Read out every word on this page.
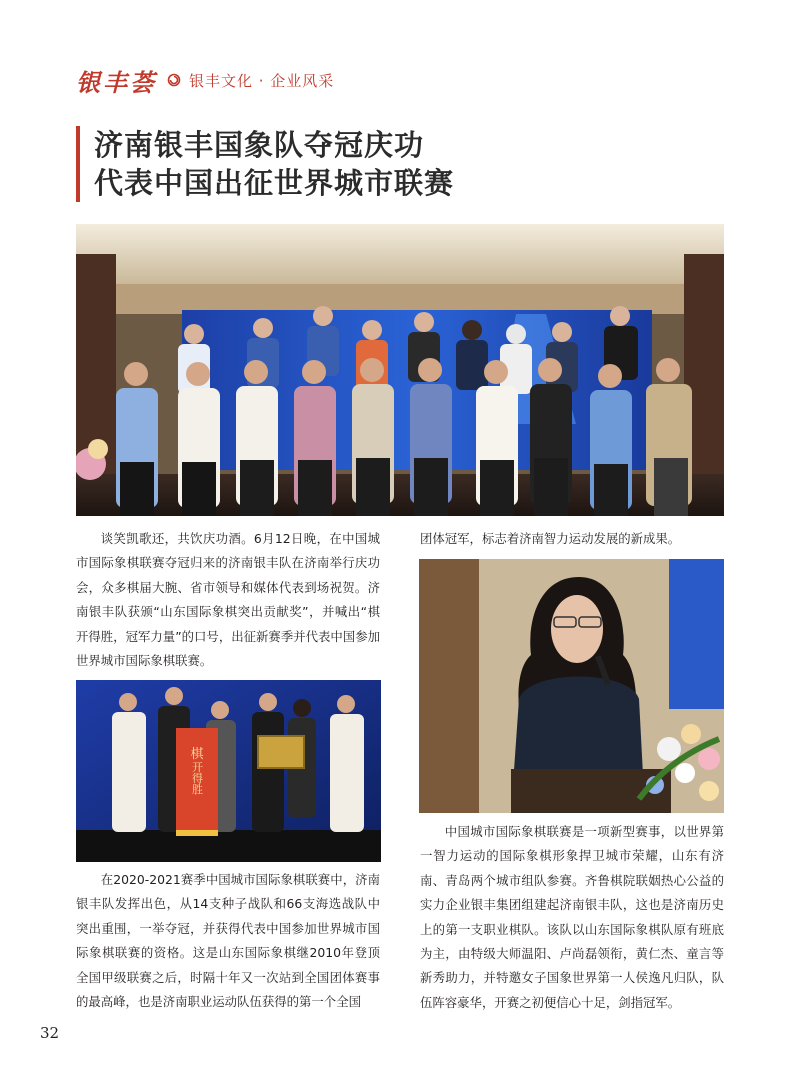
银丰荟 银丰文化 · 企业风采
济南银丰国象队夺冠庆功
代表中国出征世界城市联赛

谈笑凯歌还，共饮庆功酒。6月12日晚，在中国城市国际象棋联赛夺冠归来的济南银丰队在济南举行庆功会，众多棋届大腕、省市领导和媒体代表到场祝贺。济南银丰队获颁“山东国际象棋突出贡献奖”，并喊出“棋开得胜，冠军力量”的口号，出征新赛季并代表中国参加世界城市国际象棋联赛。

棋
开得胜

在2020-2021赛季中国城市国际象棋联赛中，济南银丰队发挥出色，从14支种子战队和66支海选战队中突出重围，一举夺冠，并获得代表中国参加世界城市国际象棋联赛的资格。这是山东国际象棋继2010年登顶全国甲级联赛之后，时隔十年又一次站到全国团体赛事的最高峰，也是济南职业运动队伍获得的第一个全国

团体冠军，标志着济南智力运动发展的新成果。

中国城市国际象棋联赛是一项新型赛事，以世界第一智力运动的国际象棋形象捍卫城市荣耀，山东有济南、青岛两个城市组队参赛。齐鲁棋院联姻热心公益的实力企业银丰集团组建起济南银丰队，这也是济南历史上的第一支职业棋队。该队以山东国际象棋队原有班底为主，由特级大师温阳、卢尚磊领衔，黄仁杰、童言等新秀助力，并特邀女子国象世界第一人侯逸凡归队，队伍阵容豪华，开赛之初便信心十足，剑指冠军。

32
